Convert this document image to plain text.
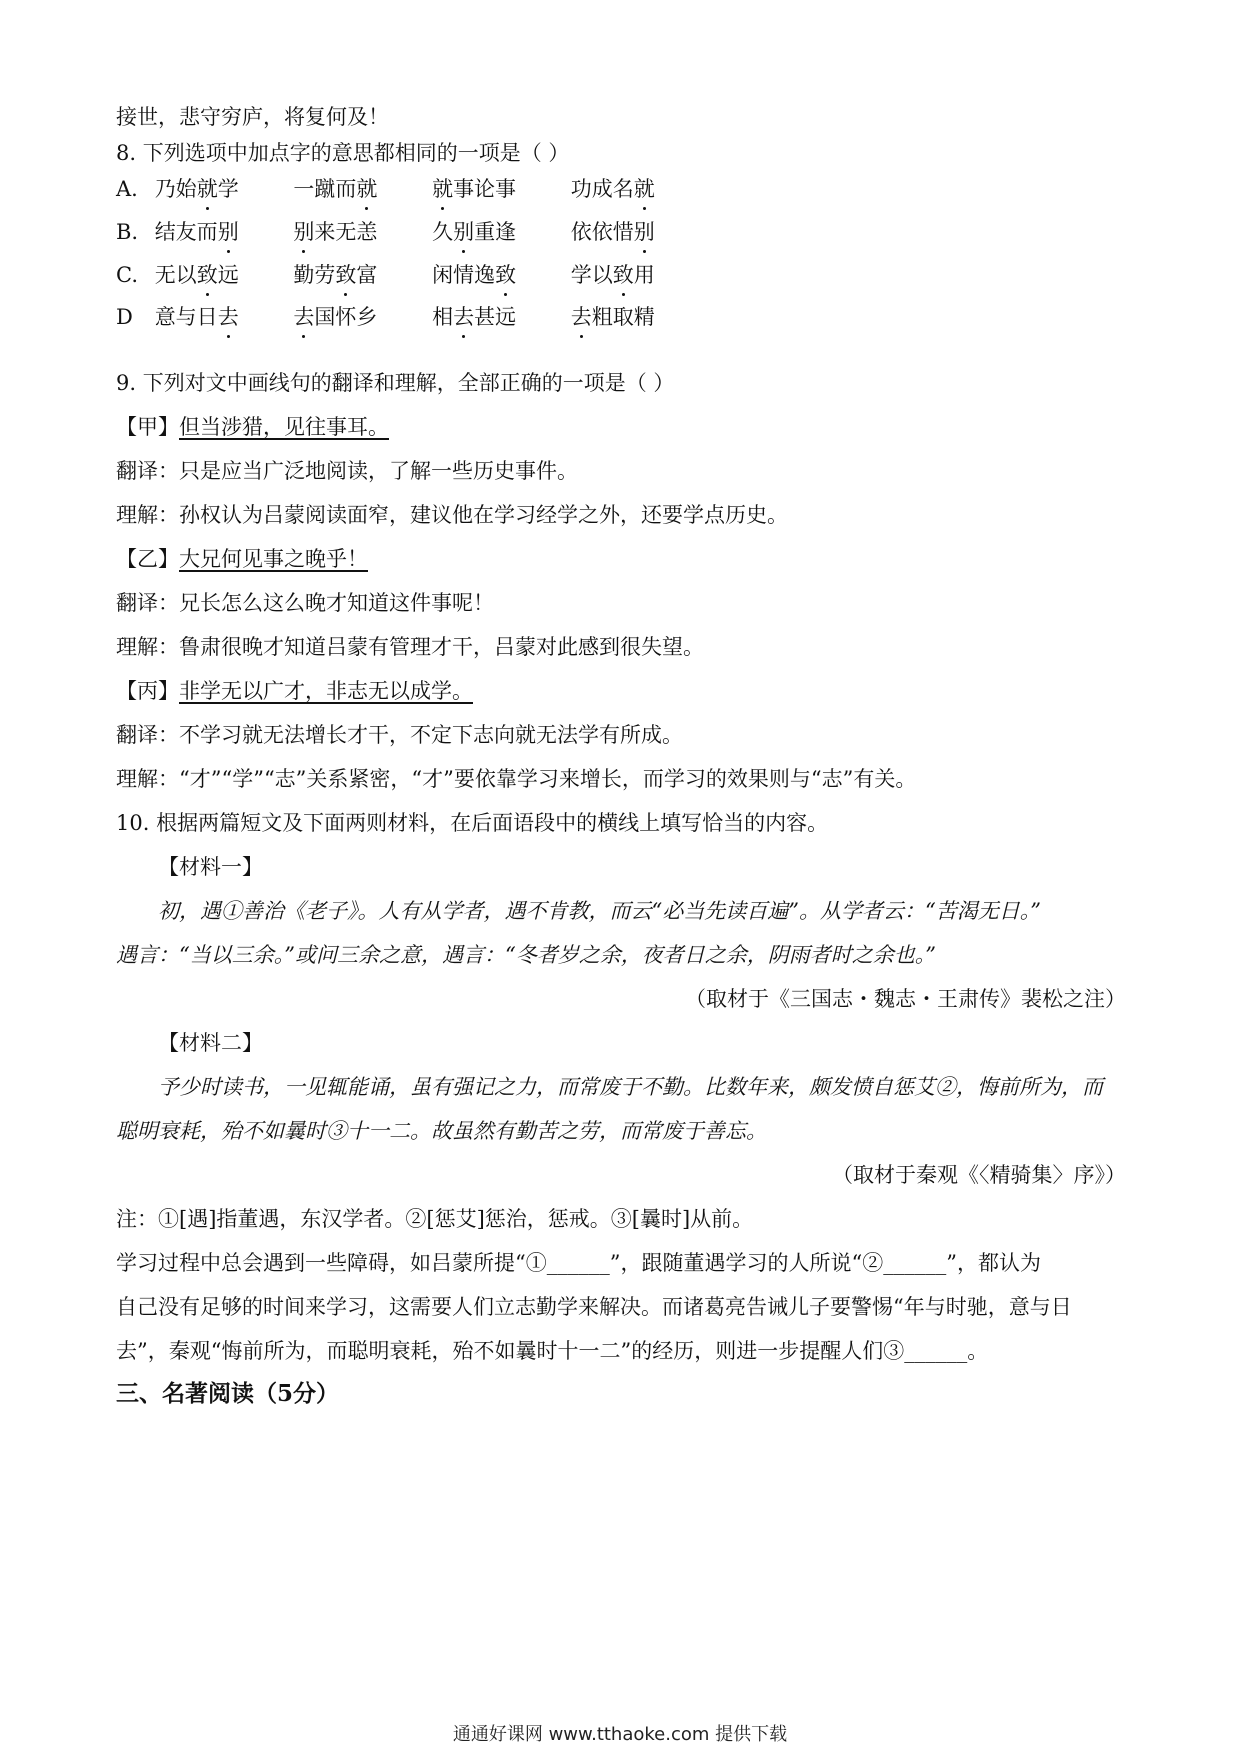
接世，悲守穷庐，将复何及！
8. 下列选项中加点字的意思都相同的一项是（ ）
A. 乃始就学	一蹴而就	就事论事	功成名就
B. 结友而别	别来无恙	久别重逢	依依惜别
C. 无以致远	勤劳致富	闲情逸致	学以致用
D 意与日去	去国怀乡	相去甚远	去粗取精
9. 下列对文中画线句的翻译和理解，全部正确的一项是（ ）
【甲】但当涉猎，见往事耳。
翻译：只是应当广泛地阅读，了解一些历史事件。
理解：孙权认为吕蒙阅读面窄，建议他在学习经学之外，还要学点历史。
【乙】大兄何见事之晚乎！
翻译：兄长怎么这么晚才知道这件事呢！
理解：鲁肃很晚才知道吕蒙有管理才干，吕蒙对此感到很失望。
【丙】非学无以广才，非志无以成学。
翻译：不学习就无法增长才干，不定下志向就无法学有所成。
理解：“才”“学”“志”关系紧密，“才”要依靠学习来增长，而学习的效果则与“志”有关。
10. 根据两篇短文及下面两则材料，在后面语段中的横线上填写恰当的内容。
【材料一】
初，遇①善治《老子》。人有从学者，遇不肯教，而云“必当先读百遍”。从学者云：“苦渴无日。”
遇言：“当以三余。”或问三余之意，遇言：“冬者岁之余，夜者日之余，阴雨者时之余也。”
（取材于《三国志・魏志・王肃传》裴松之注）
【材料二】
予少时读书，一见辄能诵，虽有强记之力，而常废于不勤。比数年来，颇发愤自惩艾②，悔前所为，而
聪明衰耗，殆不如曩时③十一二。故虽然有勤苦之劳，而常废于善忘。
（取材于秦观《〈精骑集〉序》）
注：①[遇]指董遇，东汉学者。②[惩艾]惩治，惩戒。③[曩时]从前。
学习过程中总会遇到一些障碍，如吕蒙所提“①______”，跟随董遇学习的人所说“②______”，都认为
自己没有足够的时间来学习，这需要人们立志勤学来解决。而诸葛亮告诫儿子要警惕“年与时驰，意与日
去”，秦观“悔前所为，而聪明衰耗，殆不如曩时十一二”的经历，则进一步提醒人们③______。
三、名著阅读（5分）
通通好课网 www.tthaoke.com 提供下载
